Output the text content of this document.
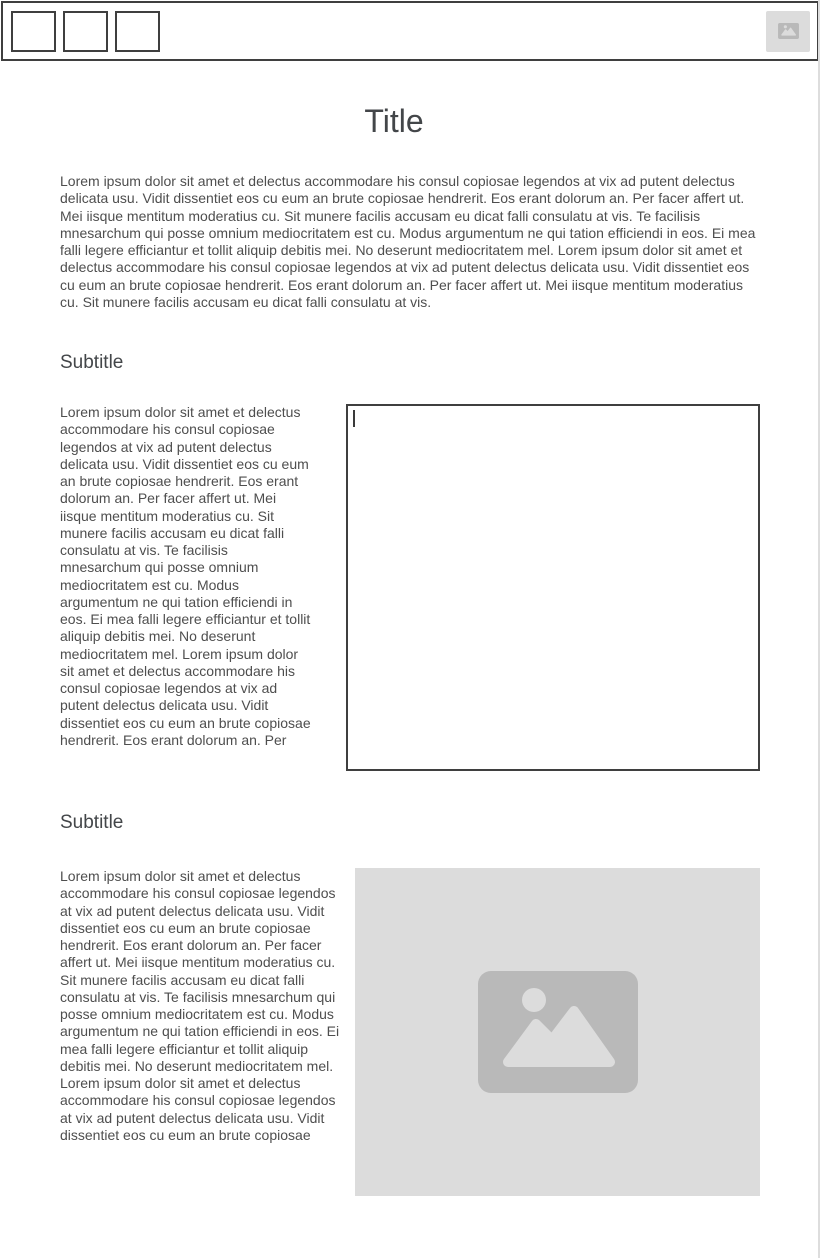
Title

Lorem ipsum dolor sit amet et delectus accommodare his consul copiosae legendos at vix ad putent delectus delicata usu. Vidit dissentiet eos cu eum an brute copiosae hendrerit. Eos erant dolorum an. Per facer affert ut. Mei iisque mentitum moderatius cu. Sit munere facilis accusam eu dicat falli consulatu at vis. Te facilisis mnesarchum qui posse omnium mediocritatem est cu. Modus argumentum ne qui tation efficiendi in eos. Ei mea falli legere efficiantur et tollit aliquip debitis mei. No deserunt mediocritatem mel. Lorem ipsum dolor sit amet et delectus accommodare his consul copiosae legendos at vix ad putent delectus delicata usu. Vidit dissentiet eos cu eum an brute copiosae hendrerit. Eos erant dolorum an. Per facer affert ut. Mei iisque mentitum moderatius cu. Sit munere facilis accusam eu dicat falli consulatu at vis.

Subtitle
Lorem ipsum dolor sit amet et delectus accommodare his consul copiosae legendos at vix ad putent delectus delicata usu. Vidit dissentiet eos cu eum an brute copiosae hendrerit. Eos erant dolorum an. Per facer affert ut. Mei iisque mentitum moderatius cu. Sit munere facilis accusam eu dicat falli consulatu at vis. Te facilisis mnesarchum qui posse omnium mediocritatem est cu. Modus argumentum ne qui tation efficiendi in eos. Ei mea falli legere efficiantur et tollit aliquip debitis mei. No deserunt mediocritatem mel. Lorem ipsum dolor sit amet et delectus accommodare his consul copiosae legendos at vix ad putent delectus delicata usu. Vidit dissentiet eos cu eum an brute copiosae hendrerit. Eos erant dolorum an. Per
Subtitle
Lorem ipsum dolor sit amet et delectus accommodare his consul copiosae legendos at vix ad putent delectus delicata usu. Vidit dissentiet eos cu eum an brute copiosae hendrerit. Eos erant dolorum an. Per facer affert ut. Mei iisque mentitum moderatius cu. Sit munere facilis accusam eu dicat falli consulatu at vis. Te facilisis mnesarchum qui posse omnium mediocritatem est cu. Modus argumentum ne qui tation efficiendi in eos. Ei mea falli legere efficiantur et tollit aliquip debitis mei. No deserunt mediocritatem mel. Lorem ipsum dolor sit amet et delectus accommodare his consul copiosae legendos at vix ad putent delectus delicata usu. Vidit dissentiet eos cu eum an brute copiosae
